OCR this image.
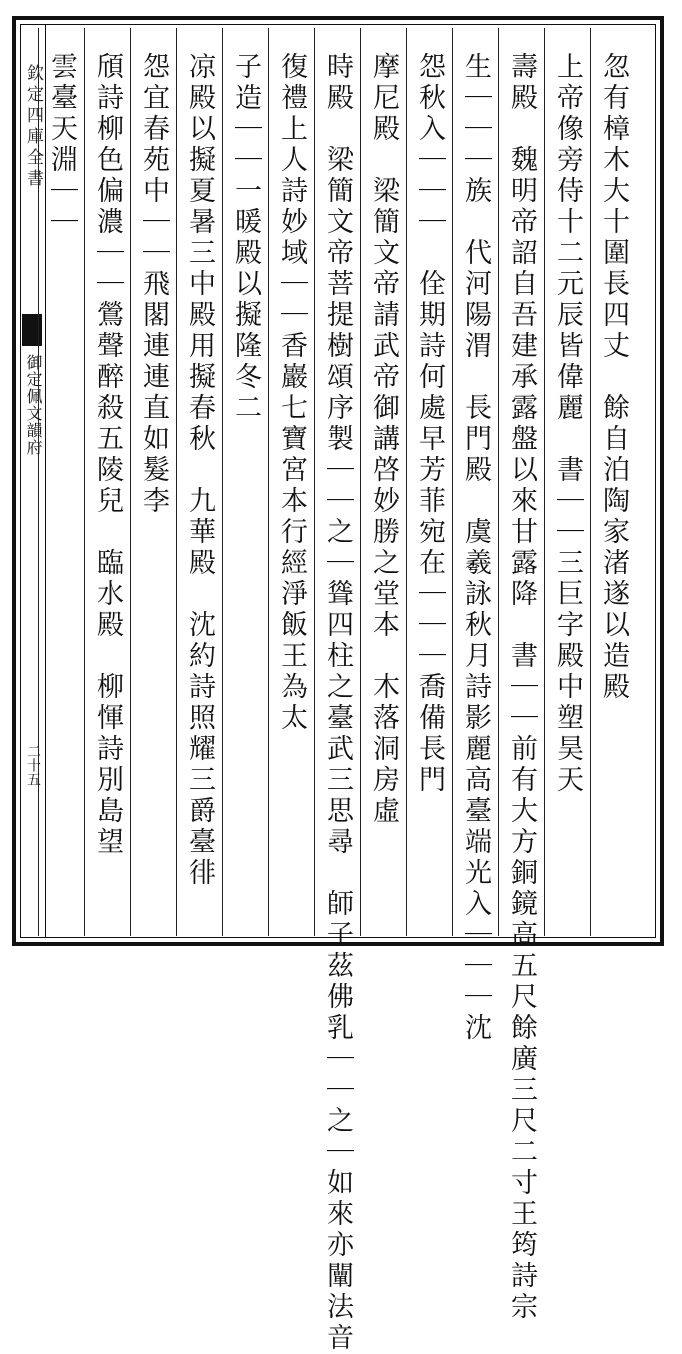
欽定四庫全書
御定佩文韻府
二十五
忽有樟木大十圍長四丈　餘自泊陶家渚遂以造殿
上帝像旁侍十二元辰皆偉麗　書｜｜三巨字殿中塑昊天
壽殿　魏明帝詔自吾建承露盤以來甘露降　書｜｜前有大方銅鏡高五尺餘廣三尺二寸王筠詩宗
生｜｜｜族　代河陽渭　長門殿　虞羲詠秋月詩影麗高臺端光入｜｜｜沈
怨秋入｜｜｜　佺期詩何處早芳菲宛在｜｜｜喬備長門
摩尼殿　梁簡文帝請武帝御講啓妙勝之堂本　木落洞房虛
時殿　梁簡文帝菩提樹頌序製｜｜之｜聳四柱之臺武三思尋　師子茲佛乳｜｜之｜如來亦闡法音
復禮上人詩妙域｜｜香巖七寶宮本行經淨飯王為太
子造｜｜一暖殿以擬隆冬二
凉殿以擬夏暑三中殿用擬春秋　九華殿　沈約詩照耀三爵臺徘
怨宜春苑中｜｜飛閣連連直如髮李
頎詩柳色偏濃｜｜鶯聲醉殺五陵兒　臨水殿　柳惲詩別島望
雲臺天淵｜｜
